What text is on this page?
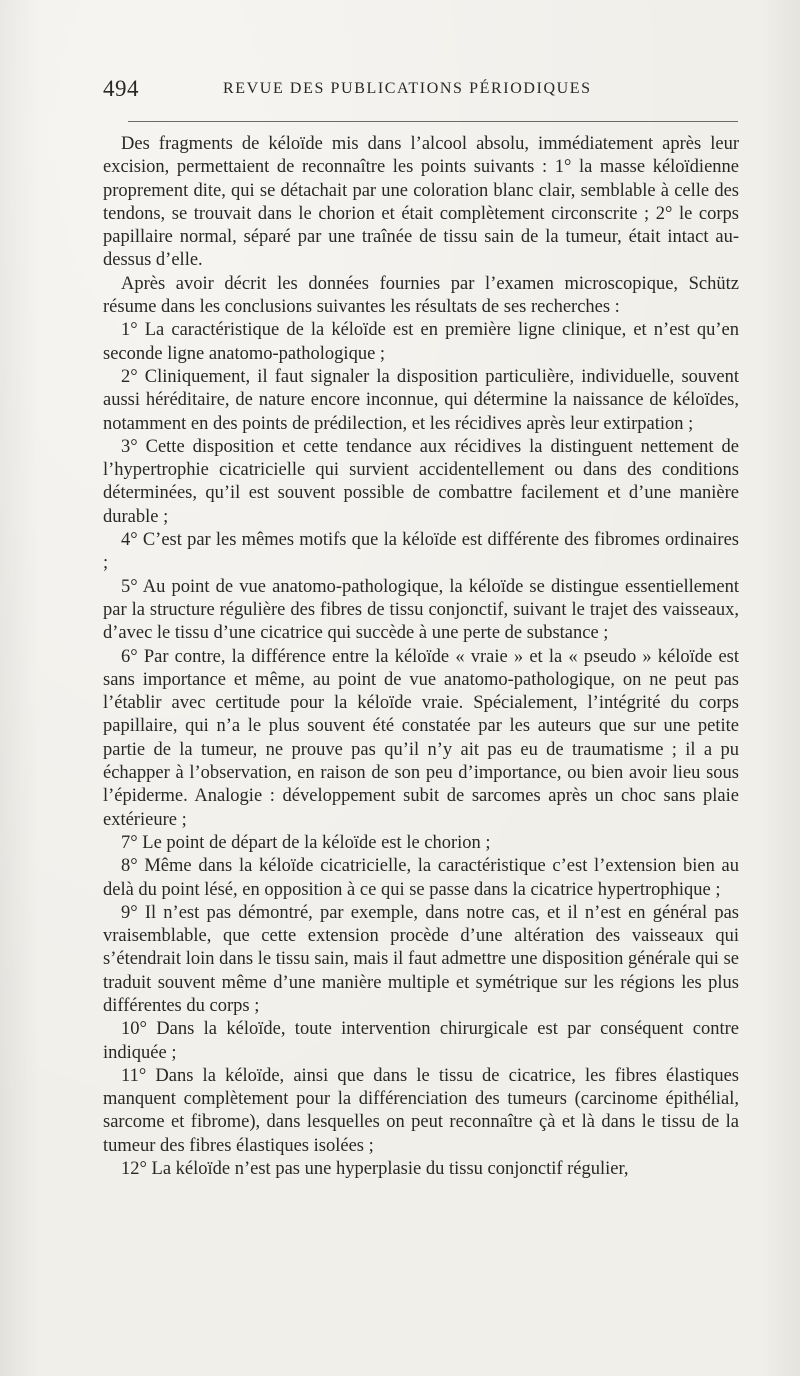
494	REVUE DES PUBLICATIONS PÉRIODIQUES

Des fragments de kéloïde mis dans l’alcool absolu, immédiatement après leur excision, permettaient de reconnaître les points suivants : 1° la masse kéloïdienne proprement dite, qui se détachait par une coloration blanc clair, semblable à celle des tendons, se trouvait dans le chorion et était complètement circonscrite ; 2° le corps papillaire normal, séparé par une traînée de tissu sain de la tumeur, était intact au-dessus d’elle.

Après avoir décrit les données fournies par l’examen microscopique, Schütz résume dans les conclusions suivantes les résultats de ses recherches :

1° La caractéristique de la kéloïde est en première ligne clinique, et n’est qu’en seconde ligne anatomo-pathologique ;

2° Cliniquement, il faut signaler la disposition particulière, individuelle, souvent aussi héréditaire, de nature encore inconnue, qui détermine la naissance de kéloïdes, notamment en des points de prédilection, et les récidives après leur extirpation ;

3° Cette disposition et cette tendance aux récidives la distinguent nettement de l’hypertrophie cicatricielle qui survient accidentellement ou dans des conditions déterminées, qu’il est souvent possible de combattre facilement et d’une manière durable ;

4° C’est par les mêmes motifs que la kéloïde est différente des fibromes ordinaires ;

5° Au point de vue anatomo-pathologique, la kéloïde se distingue essentiellement par la structure régulière des fibres de tissu conjonctif, suivant le trajet des vaisseaux, d’avec le tissu d’une cicatrice qui succède à une perte de substance ;

6° Par contre, la différence entre la kéloïde « vraie » et la « pseudo » kéloïde est sans importance et même, au point de vue anatomo-pathologique, on ne peut pas l’établir avec certitude pour la kéloïde vraie. Spécialement, l’intégrité du corps papillaire, qui n’a le plus souvent été constatée par les auteurs que sur une petite partie de la tumeur, ne prouve pas qu’il n’y ait pas eu de traumatisme ; il a pu échapper à l’observation, en raison de son peu d’importance, ou bien avoir lieu sous l’épiderme. Analogie : développement subit de sarcomes après un choc sans plaie extérieure ;

7° Le point de départ de la kéloïde est le chorion ;

8° Même dans la kéloïde cicatricielle, la caractéristique c’est l’extension bien au delà du point lésé, en opposition à ce qui se passe dans la cicatrice hypertrophique ;

9° Il n’est pas démontré, par exemple, dans notre cas, et il n’est en général pas vraisemblable, que cette extension procède d’une altération des vaisseaux qui s’étendrait loin dans le tissu sain, mais il faut admettre une disposition générale qui se traduit souvent même d’une manière multiple et symétrique sur les régions les plus différentes du corps ;

10° Dans la kéloïde, toute intervention chirurgicale est par conséquent contre indiquée ;

11° Dans la kéloïde, ainsi que dans le tissu de cicatrice, les fibres élastiques manquent complètement pour la différenciation des tumeurs (carcinome épithélial, sarcome et fibrome), dans lesquelles on peut reconnaître çà et là dans le tissu de la tumeur des fibres élastiques isolées ;

12° La kéloïde n’est pas une hyperplasie du tissu conjonctif régulier,
